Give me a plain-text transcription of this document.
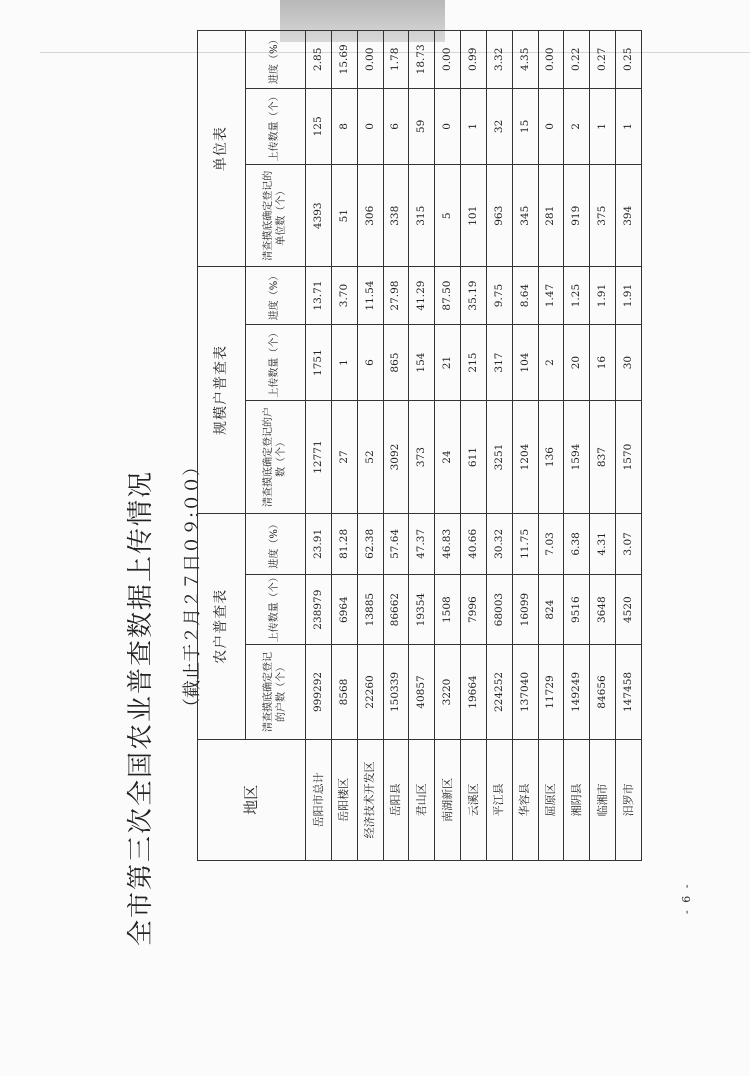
全市第三次全国农业普查数据上传情况 （截止于２月２７日０９:００）
地区	农户普查表			规模户普查表			单位表		
	清查摸底确定登记的户数（个）	上传数量（个）	进度（%）	清查摸底确定登记的户数（个）	上传数量（个）	进度（%）	清查摸底确定登记的单位数（个）	上传数量（个）	进度（%）
岳阳市总计	999292	238979	23.91	12771	1751	13.71	4393	125	2.85
岳阳楼区	8568	6964	81.28	27	1	3.70	51	8	15.69
经济技术开发区	22260	13885	62.38	52	6	11.54	306	0	0.00
岳阳县	150339	86662	57.64	3092	865	27.98	338	6	1.78
君山区	40857	19354	47.37	373	154	41.29	315	59	18.73
南湖新区	3220	1508	46.83	24	21	87.50	5	0	0.00
云溪区	19664	7996	40.66	611	215	35.19	101	1	0.99
平江县	224252	68003	30.32	3251	317	9.75	963	32	3.32
华容县	137040	16099	11.75	1204	104	8.64	345	15	4.35
屈原区	11729	824	7.03	136	2	1.47	281	0	0.00
湘阴县	149249	9516	6.38	1594	20	1.25	919	2	0.22
临湘市	84656	3648	4.31	837	16	1.91	375	1	0.27
汨罗市	147458	4520	3.07	1570	30	1.91	394	1	0.25
- 6 -
